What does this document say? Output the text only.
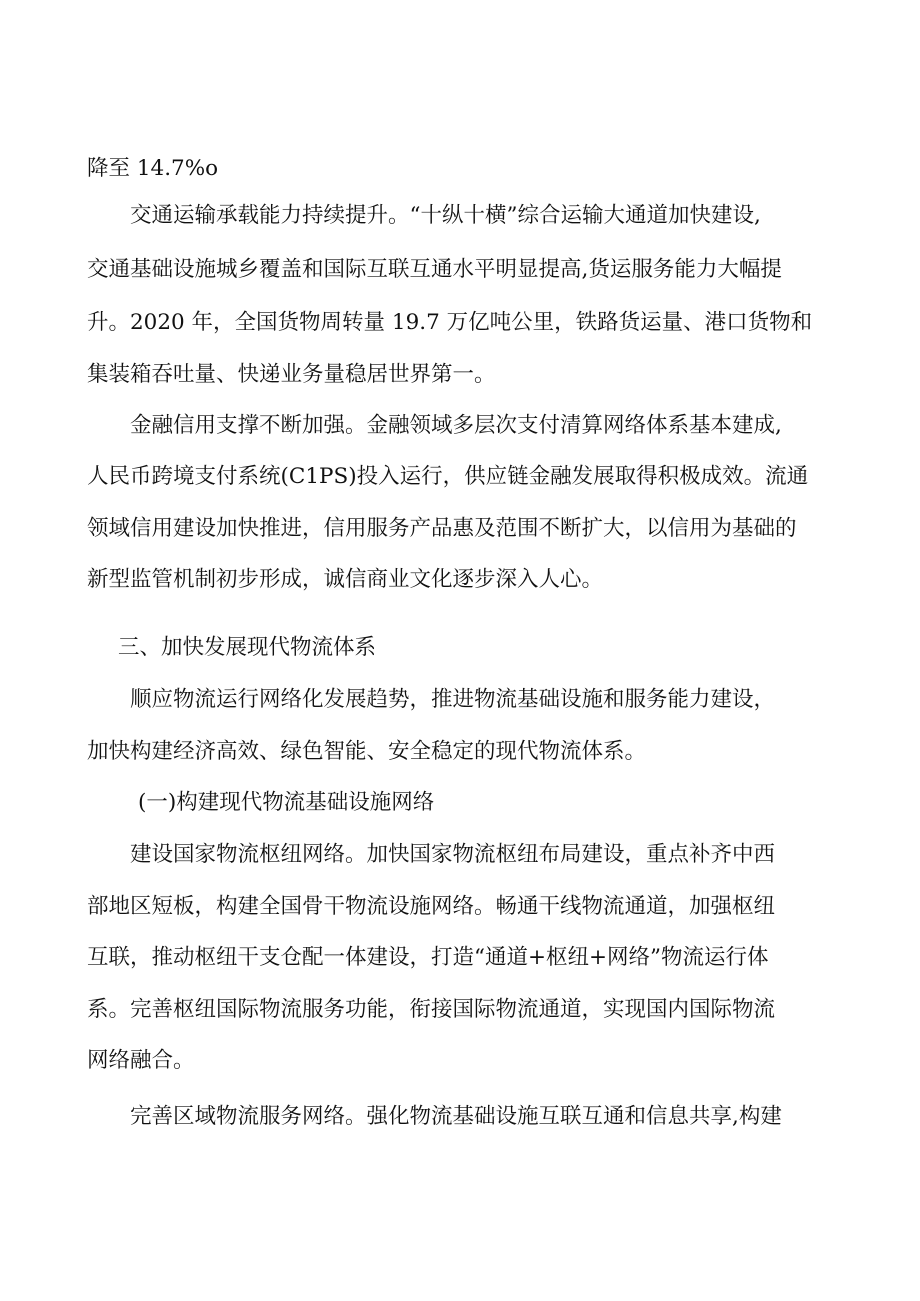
降至 14.7%o

交通运输承载能力持续提升。“十纵十横”综合运输大通道加快建设,

交通基础设施城乡覆盖和国际互联互通水平明显提高,货运服务能力大幅提

升。2020 年，全国货物周转量 19.7 万亿吨公里，铁路货运量、港口货物和

集装箱吞吐量、快递业务量稳居世界第一。

金融信用支撑不断加强。金融领域多层次支付清算网络体系基本建成,

人民币跨境支付系统(C1PS)投入运行，供应链金融发展取得积极成效。流通

领域信用建设加快推进，信用服务产品惠及范围不断扩大，以信用为基础的

新型监管机制初步形成，诚信商业文化逐步深入人心。

三、加快发展现代物流体系

顺应物流运行网络化发展趋势，推进物流基础设施和服务能力建设，

加快构建经济高效、绿色智能、安全稳定的现代物流体系。

(一)构建现代物流基础设施网络

建设国家物流枢纽网络。加快国家物流枢纽布局建设，重点补齐中西

部地区短板，构建全国骨干物流设施网络。畅通干线物流通道，加强枢纽

互联，推动枢纽干支仓配一体建设，打造“通道+枢纽+网络”物流运行体

系。完善枢纽国际物流服务功能，衔接国际物流通道，实现国内国际物流

网络融合。

完善区域物流服务网络。强化物流基础设施互联互通和信息共享,构建
